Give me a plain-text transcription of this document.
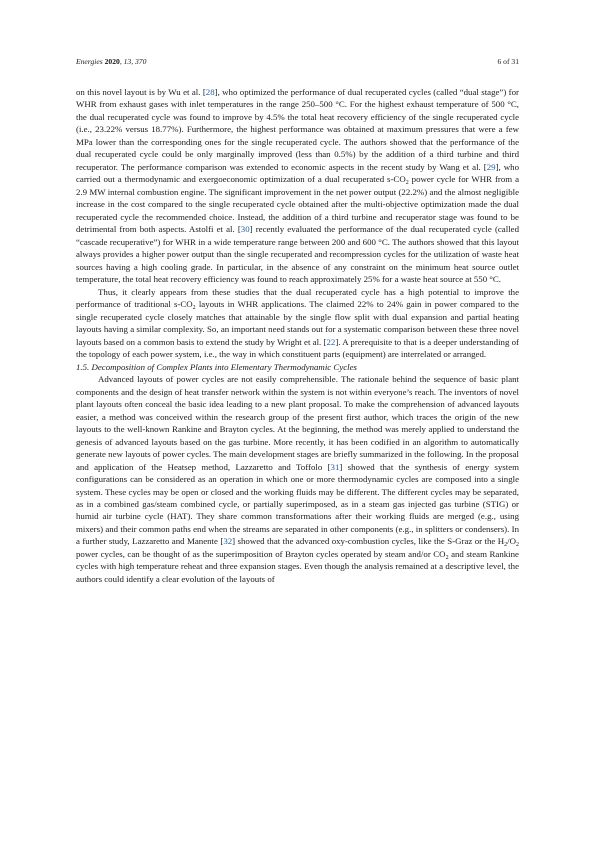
Energies 2020, 13, 370	6 of 31

on this novel layout is by Wu et al. [28], who optimized the performance of dual recuperated cycles (called “dual stage”) for WHR from exhaust gases with inlet temperatures in the range 250–500 °C. For the highest exhaust temperature of 500 °C, the dual recuperated cycle was found to improve by 4.5% the total heat recovery efficiency of the single recuperated cycle (i.e., 23.22% versus 18.77%). Furthermore, the highest performance was obtained at maximum pressures that were a few MPa lower than the corresponding ones for the single recuperated cycle. The authors showed that the performance of the dual recuperated cycle could be only marginally improved (less than 0.5%) by the addition of a third turbine and third recuperator. The performance comparison was extended to economic aspects in the recent study by Wang et al. [29], who carried out a thermodynamic and exergoeconomic optimization of a dual recuperated $s-CO_2$ power cycle for WHR from a 2.9 MW internal combustion engine. The significant improvement in the net power output (22.2%) and the almost negligible increase in the cost compared to the single recuperated cycle obtained after the multi-objective optimization made the dual recuperated cycle the recommended choice. Instead, the addition of a third turbine and recuperator stage was found to be detrimental from both aspects. Astolfi et al. [30] recently evaluated the performance of the dual recuperated cycle (called “cascade recuperative”) for WHR in a wide temperature range between 200 and 600 °C. The authors showed that this layout always provides a higher power output than the single recuperated and recompression cycles for the utilization of waste heat sources having a high cooling grade. In particular, in the absence of any constraint on the minimum heat source outlet temperature, the total heat recovery efficiency was found to reach approximately 25% for a waste heat source at 550 °C.

Thus, it clearly appears from these studies that the dual recuperated cycle has a high potential to improve the performance of traditional $s-CO_2$ layouts in WHR applications. The claimed 22% to 24% gain in power compared to the single recuperated cycle closely matches that attainable by the single flow split with dual expansion and partial heating layouts having a similar complexity. So, an important need stands out for a systematic comparison between these three novel layouts based on a common basis to extend the study by Wright et al. [22]. A prerequisite to that is a deeper understanding of the topology of each power system, i.e., the way in which constituent parts (equipment) are interrelated or arranged.

1.5. Decomposition of Complex Plants into Elementary Thermodynamic Cycles

Advanced layouts of power cycles are not easily comprehensible. The rationale behind the sequence of basic plant components and the design of heat transfer network within the system is not within everyone’s reach. The inventors of novel plant layouts often conceal the basic idea leading to a new plant proposal. To make the comprehension of advanced layouts easier, a method was conceived within the research group of the present first author, which traces the origin of the new layouts to the well-known Rankine and Brayton cycles. At the beginning, the method was merely applied to understand the genesis of advanced layouts based on the gas turbine. More recently, it has been codified in an algorithm to automatically generate new layouts of power cycles. The main development stages are briefly summarized in the following. In the proposal and application of the Heatsep method, Lazzaretto and Toffolo [31] showed that the synthesis of energy system configurations can be considered as an operation in which one or more thermodynamic cycles are composed into a single system. These cycles may be open or closed and the working fluids may be different. The different cycles may be separated, as in a combined gas/steam combined cycle, or partially superimposed, as in a steam gas injected gas turbine (STIG) or humid air turbine cycle (HAT). They share common transformations after their working fluids are merged (e.g., using mixers) and their common paths end when the streams are separated in other components (e.g., in splitters or condensers). In a further study, Lazzaretto and Manente [32] showed that the advanced oxy-combustion cycles, like the S-Graz or the $H_2/O_2$ power cycles, can be thought of as the superimposition of Brayton cycles operated by steam and/or $CO_2$ and steam Rankine cycles with high temperature reheat and three expansion stages. Even though the analysis remained at a descriptive level, the authors could identify a clear evolution of the layouts of
